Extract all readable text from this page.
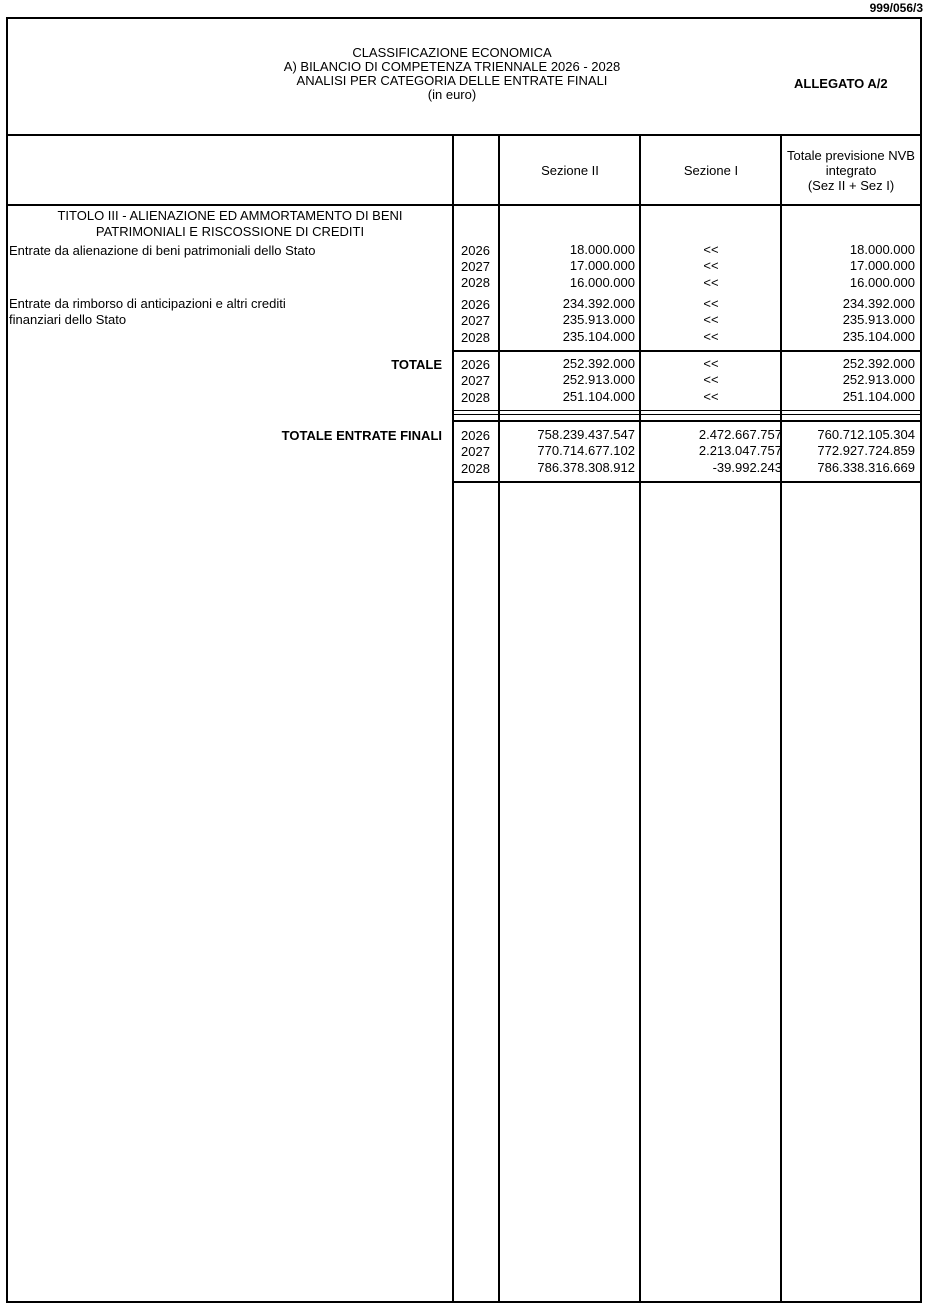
999/056/3
CLASSIFICAZIONE ECONOMICA
A) BILANCIO DI COMPETENZA TRIENNALE 2026 - 2028
ANALISI PER CATEGORIA DELLE ENTRATE FINALI
(in euro)
ALLEGATO A/2
Sezione II	Sezione I
Totale previsione NVB
integrato
(Sez II + Sez I)
TITOLO III - ALIENAZIONE ED AMMORTAMENTO DI BENI
PATRIMONIALI E RISCOSSIONE DI CREDITI
Entrate da alienazione di beni patrimoniali dello Stato	2026
2027
2028
18.000.000
17.000.000
16.000.000
<<
<<
<<
18.000.000
17.000.000
16.000.000
Entrate da rimborso di anticipazioni e altri crediti
finanziari dello Stato
2026
2027
2028
234.392.000
235.913.000
235.104.000
<<
<<
<<
234.392.000
235.913.000
235.104.000
TOTALE 2026
2027
2028
252.392.000
252.913.000
251.104.000
<<
<<
<<
252.392.000
252.913.000
251.104.000
TOTALE ENTRATE FINALI 2026
2027
2028
758.239.437.547
770.714.677.102
786.378.308.912
2.472.667.757
2.213.047.757
-39.992.243
760.712.105.304
772.927.724.859
786.338.316.669
